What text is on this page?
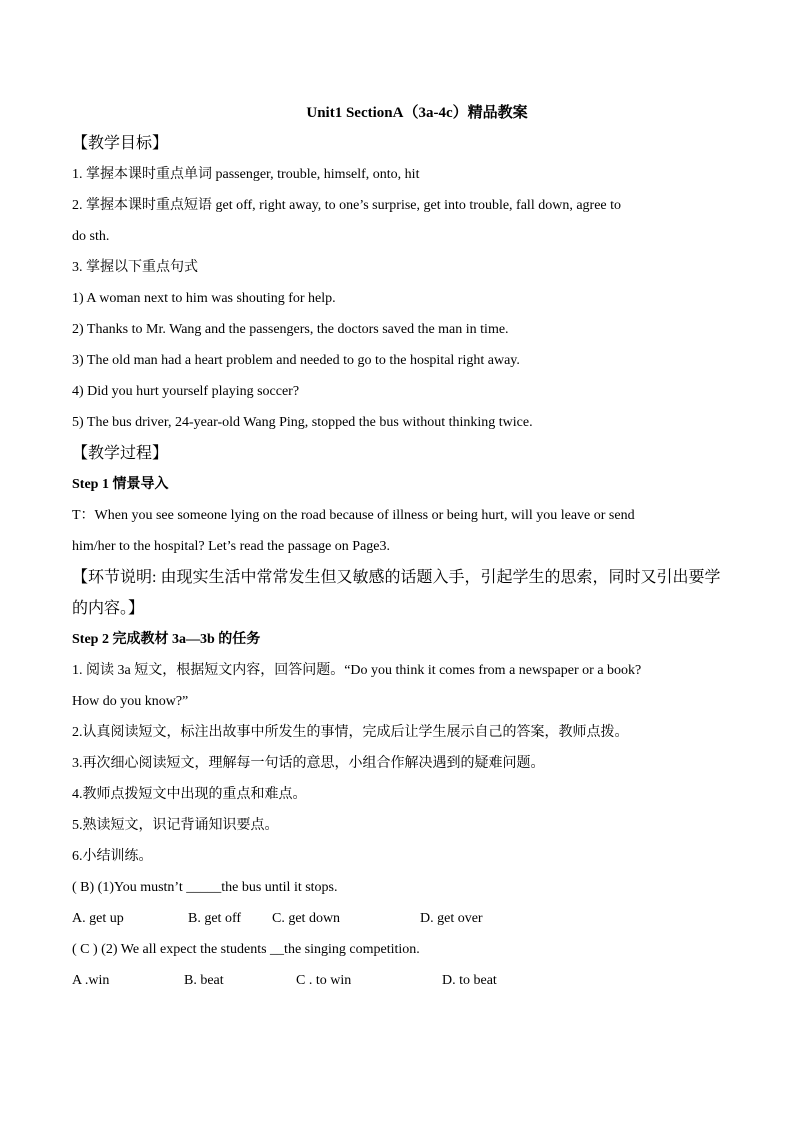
Unit1 SectionA（3a-4c）精品教案
【教学目标】
1. 掌握本课时重点单词 passenger, trouble, himself, onto, hit
2. 掌握本课时重点短语 get off, right away, to one’s surprise, get into trouble, fall down, agree to
do sth.
3. 掌握以下重点句式
1) A woman next to him was shouting for help.
2) Thanks to Mr. Wang and the passengers, the doctors saved the man in time.
3) The old man had a heart problem and needed to go to the hospital right away.
4) Did you hurt yourself playing soccer?
5) The bus driver, 24-year-old Wang Ping, stopped the bus without thinking twice.
【教学过程】
Step 1 情景导入
T：When you see someone lying on the road because of illness or being hurt, will you leave or send
him/her to the hospital? Let’s read the passage on Page3.
【环节说明: 由现实生活中常常发生但又敏感的话题入手，引起学生的思索，同时又引出要学
的内容。】
Step 2 完成教材 3a—3b 的任务
1. 阅读 3a 短文，根据短文内容，回答问题。“Do you think it comes from a newspaper or a book?
How do you know?”
2.认真阅读短文，标注出故事中所发生的事情，完成后让学生展示自己的答案，教师点拨。
3.再次细心阅读短文，理解每一句话的意思，小组合作解决遇到的疑难问题。
4.教师点拨短文中出现的重点和难点。
5.熟读短文，识记背诵知识要点。
6.小结训练。
( B) (1)You mustn’t _____the bus until it stops.
A. get up	B. get off C. get down	D. get over
( C ) (2) We all expect the students __the singing competition.
A .win	B. beat	C . to win	D. to beat
